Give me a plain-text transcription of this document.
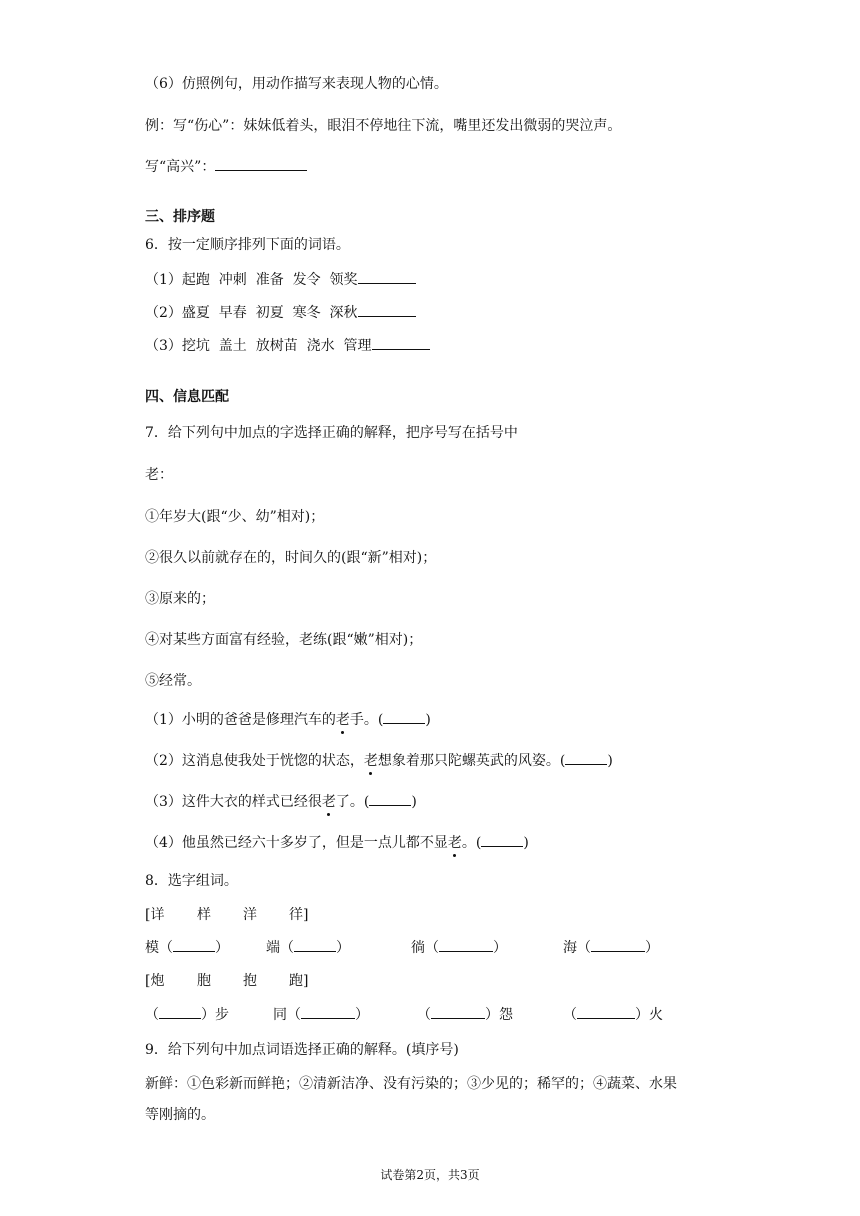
（6）仿照例句，用动作描写来表现人物的心情。
例：写“伤心”：妹妹低着头，眼泪不停地往下流，嘴里还发出微弱的哭泣声。
写“高兴”：
三、排序题
6．按一定顺序排列下面的词语。
（1）起跑  冲刺  准备  发令  领奖
（2）盛夏  早春  初夏  寒冬  深秋
（3）挖坑  盖土  放树苗  浇水  管理
四、信息匹配
7．给下列句中加点的字选择正确的解释，把序号写在括号中
老：
①年岁大(跟“少、幼”相对)；
②很久以前就存在的，时间久的(跟“新”相对)；
③原来的；
④对某些方面富有经验，老练(跟“嫩”相对)；
⑤经常。
（1）小明的爸爸是修理汽车的老手。(	)
（2）这消息使我处于恍惚的状态，老想象着那只陀螺英武的风姿。(	)
（3）这件大衣的样式已经很老了。(	)
（4）他虽然已经六十多岁了，但是一点儿都不显老。(	)
8．选字组词。
[详 样 洋 徉]
模（	）	端（	）	徜（	）	海（	）
[炮 胞 抱 跑]
（	）步	同（	）	（	）怨	（	）火
9．给下列句中加点词语选择正确的解释。(填序号)
新鲜：①色彩新而鲜艳；②清新洁净、没有污染的；③少见的；稀罕的；④蔬菜、水果
等刚摘的。
试卷第2页，共3页
